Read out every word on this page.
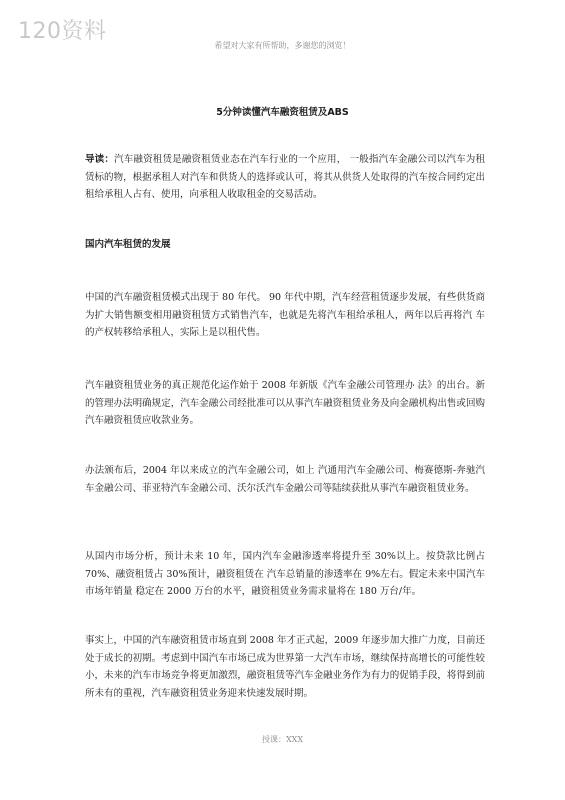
120资料
希望对大家有所帮助，多谢您的浏览！
5分钟读懂汽车融资租赁及ABS
导读：汽车融资租赁是融资租赁业态在汽车行业的一个应用， 一般指汽车金融公司以汽车为租赁标的物，根据承租人对汽车和供货人的选择或认可，将其从供货人处取得的汽车按合同约定出租给承租人占有、使用，向承租人收取租金的交易活动。
国内汽车租赁的发展
中国的汽车融资租赁模式出现于 80 年代。 90 年代中期，汽车经营租赁逐步发展，有些供货商为扩大销售额变相用融资租赁方式销售汽车，也就是先将汽车租给承租人，两年以后再将汽 车的产权转移给承租人，实际上是以租代售。
汽车融资租赁业务的真正规范化运作始于 2008 年新版《汽车金融公司管理办 法》的出台。新的管理办法明确规定，汽车金融公司经批准可以从事汽车融资租赁业务及向金融机构出售或回购汽车融资租赁应收款业务。
办法颁布后，2004 年以来成立的汽车金融公司，如上 汽通用汽车金融公司、梅赛德斯-奔驰汽车金融公司、菲亚特汽车金融公司、沃尔沃汽车金融公司等陆续获批从事汽车融资租赁业务。
从国内市场分析，预计未来 10 年，国内汽车金融渗透率将提升至 30%以上。按贷款比例占 70%、融资租赁占 30%预计，融资租赁在 汽车总销量的渗透率在 9%左右。假定未来中国汽车市场年销量 稳定在 2000 万台的水平，融资租赁业务需求量将在 180 万台/年。
事实上，中国的汽车融资租赁市场直到 2008 年才正式起，2009 年逐步加大推广力度，目前还处于成长的初期。考虑到中国汽车市场已成为世界第一大汽车市场，继续保持高增长的可能性较小，未来的汽车市场竞争将更加激烈，融资租赁等汽车金融业务作为有力的促销手段，将得到前所未有的重视，汽车融资租赁业务迎来快速发展时期。
授课：XXX
